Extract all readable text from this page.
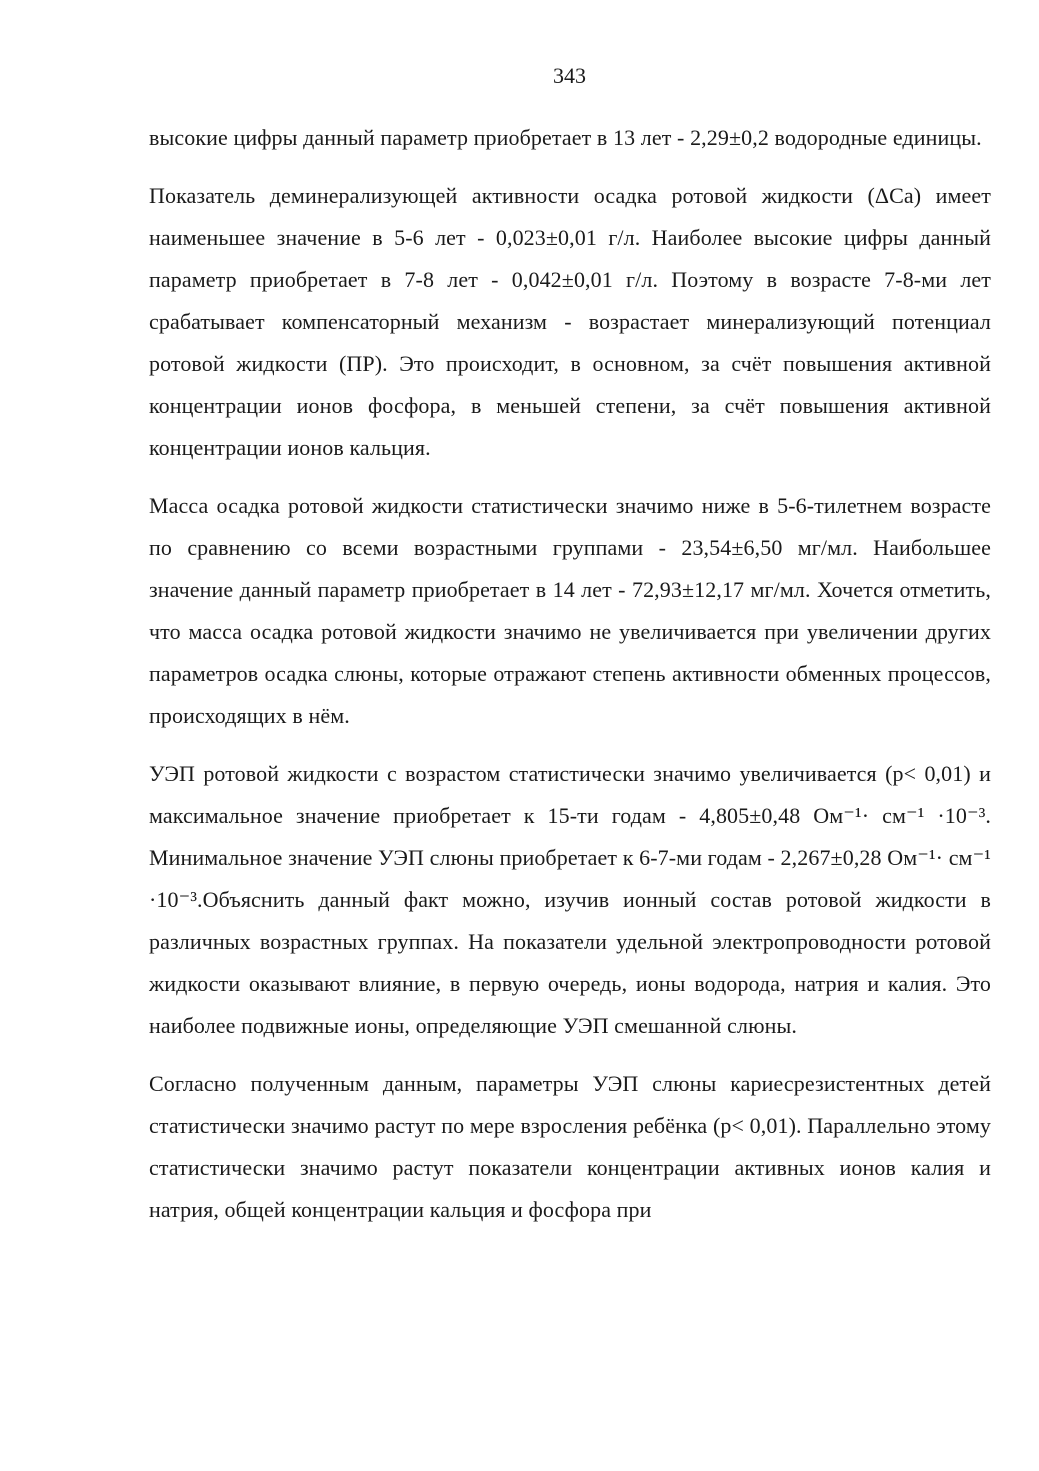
343

высокие цифры данный параметр приобретает в 13 лет - 2,29±0,2 водородные единицы.

Показатель деминерализующей активности осадка ротовой жидкости (ΔCa) имеет наименьшее значение в 5-6 лет - 0,023±0,01 г/л. Наиболее высокие цифры данный параметр приобретает в 7-8 лет - 0,042±0,01 г/л. Поэтому в возрасте 7-8-ми лет срабатывает компенсаторный механизм - возрастает минерализующий потенциал ротовой жидкости (ПР). Это происходит, в основном, за счёт повышения активной концентрации ионов фосфора, в меньшей степени, за счёт повышения активной концентрации ионов кальция.

Масса осадка ротовой жидкости статистически значимо ниже в 5-6-тилетнем возрасте по сравнению со всеми возрастными группами - 23,54±6,50 мг/мл. Наибольшее значение данный параметр приобретает в 14 лет - 72,93±12,17 мг/мл. Хочется отметить, что масса осадка ротовой жидкости значимо не увеличивается при увеличении других параметров осадка слюны, которые отражают степень активности обменных процессов, происходящих в нём.

УЭП ротовой жидкости с возрастом статистически значимо увеличивается (р< 0,01) и максимальное значение приобретает к 15-ти годам - 4,805±0,48 Ом⁻¹· см⁻¹ ·10⁻³. Минимальное значение УЭП слюны приобретает к 6-7-ми годам - 2,267±0,28 Ом⁻¹· см⁻¹ ·10⁻³.Объяснить данный факт можно, изучив ионный состав ротовой жидкости в различных возрастных группах. На показатели удельной электропроводности ротовой жидкости оказывают влияние, в первую очередь, ионы водорода, натрия и калия. Это наиболее подвижные ионы, определяющие УЭП смешанной слюны.

Согласно полученным данным, параметры УЭП слюны кариесрезистентных детей статистически значимо растут по мере взросления ребёнка (р< 0,01). Параллельно этому статистически значимо растут показатели концентрации активных ионов калия и натрия, общей концентрации кальция и фосфора при
